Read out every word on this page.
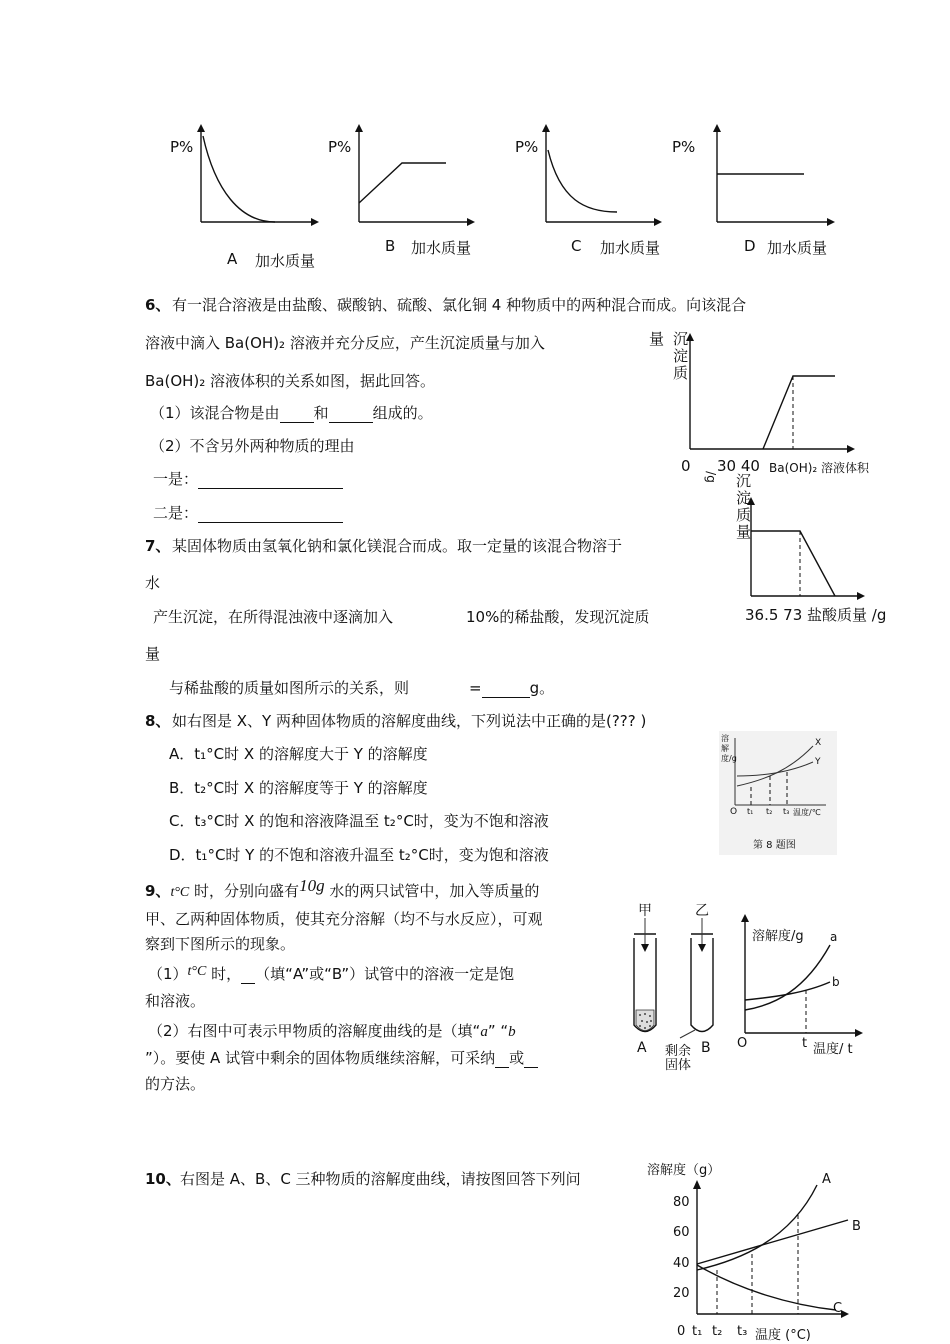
P%	P%	P%	P%
A 加水质量
B 加水质量	C 加水质量	D 加水质量
6、 有一混合溶液是由盐酸、碳酸钠、硫酸、氯化铜 4 种物质中的两种混合而成。向该混合
溶液中滴入 Ba(OH)₂ 溶液并充分反应，产生沉淀质量与加入
Ba(OH)₂ 溶液体积的关系如图，据此回答。
（1）该混合物是由 和	组成的。
（2）不含另外两种物质的理由
一是：
二是：
量 沉
淀
质
0 30 40 Ba(OH)₂ 溶液体积
7、 某固体物质由氢氧化钠和氯化镁混合而成。取一定量的该混合物溶于
水
产生沉淀，在所得混浊液中逐滴加入	10%的稀盐酸，发现沉淀质
量
与稀盐酸的质量如图所示的关系，则	=	g。
/g 沉
淀
质
量
36.5 73 盐酸质量 /g
8、 如右图是 X、Y 两种固体物质的溶解度曲线，下列说法中正确的是(??? )
A．t₁°C时 X 的溶解度大于 Y 的溶解度
B．t₂°C时 X 的溶解度等于 Y 的溶解度
C．t₃°C时 X 的饱和溶液降温至 t₂°C时，变为不饱和溶液
D．t₁°C时 Y 的不饱和溶液升温至 t₂°C时，变为饱和溶液
溶解度/g
X
Y
O t₁ t₂ t₃ 温度/℃
第 8 题图
9、t°C 时，分别向盛有10g 水的两只试管中，加入等质量的
甲、乙两种固体物质，使其充分溶解（均不与水反应），可观
察到下图所示的现象。
（1）t°C 时， （填“A”或“B”）试管中的溶液一定是饱
和溶液。
（2）右图中可表示甲物质的溶解度曲线的是（填“a” “b
”）。要使 A 试管中剩余的固体物质继续溶解，可采纳 或
的方法。
甲	乙
A	B
剩余
固体
溶解度/g a
b
O	t 温度/ t
10、 右图是 A、B、C 三种物质的溶解度曲线，请按图回答下列问	溶解度（g）
80
60
40
20
0 t₁ t₂ t₃ 温度 (°C)
A
B
C
